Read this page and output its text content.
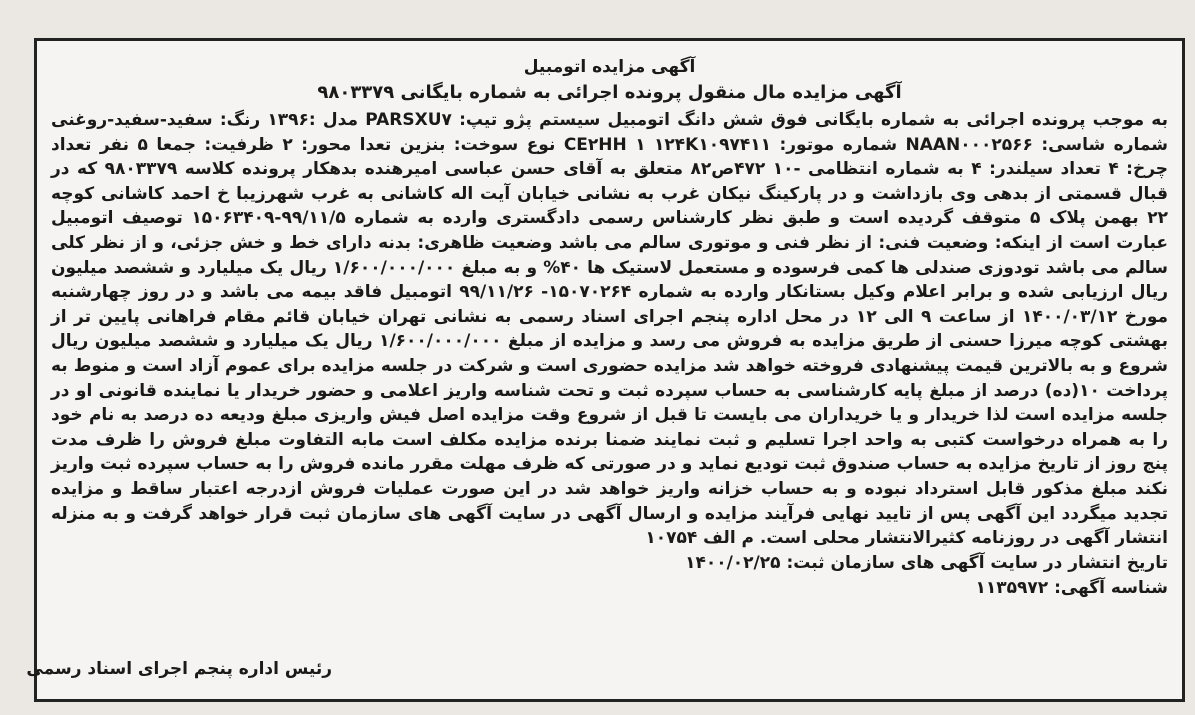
آگهی مزایده اتومبیل

آگهی مزایده مال منقول پرونده اجرائی به شماره بایگانی ۹۸۰۳۳۷۹

به موجب پرونده اجرائی به شماره بایگانی فوق شش دانگ اتومبیل سیستم پژو تیپ: PARSXU۷ مدل :۱۳۹۶ رنگ: سفید-سفید-روغنی شماره شاسی: NAAN۰۰۰۲۵۶۶ شماره موتور: CE۲HH ۱ ۱۲۴K۱۰۹۷۴۱۱ نوع سوخت: بنزین تعدا محور: ۲ ظرفیت: جمعا ۵ نفر تعداد چرخ: ۴ تعداد سیلندر: ۴ به شماره انتظامی -۱۰ ۴۷۲ص۸۲ متعلق به آقای حسن عباسی امیرهنده بدهکار پرونده کلاسه ۹۸۰۳۳۷۹ که در قبال قسمتی از بدهی وی بازداشت و در پارکینگ نیکان غرب به نشانی خیابان آیت اله کاشانی به غرب شهرزیبا خ احمد کاشانی کوچه ۲۲ بهمن پلاک ۵ متوقف گردیده است و طبق نظر کارشناس رسمی دادگستری وارده به شماره ۹۹/۱۱/۵-۱۵۰۶۳۴۰۹ توصیف اتومبیل عبارت است از اینکه: وضعیت فنی: از نظر فنی و موتوری سالم می باشد وضعیت ظاهری: بدنه دارای خط و خش جزئی، و از نظر کلی سالم می باشد تودوزی صندلی ها کمی فرسوده و مستعمل لاستیک ها ۴۰% و به مبلغ ۱/۶۰۰/۰۰۰/۰۰۰ ریال یک میلیارد و ششصد میلیون ریال ارزیابی شده و برابر اعلام وکیل بستانکار وارده به شماره ۱۵۰۷۰۲۶۴- ۹۹/۱۱/۲۶ اتومبیل فاقد بیمه می باشد و در روز چهارشنبه مورخ ۱۴۰۰/۰۳/۱۲ از ساعت ۹ الی ۱۲ در محل اداره پنجم اجرای اسناد رسمی به نشانی تهران خیابان قائم مقام فراهانی پایین تر از بهشتی کوچه میرزا حسنی از طریق مزایده به فروش می رسد و مزایده از مبلغ ۱/۶۰۰/۰۰۰/۰۰۰ ریال یک میلیارد و ششصد میلیون ریال شروع و به بالاترین قیمت پیشنهادی فروخته خواهد شد مزایده حضوری است و شرکت در جلسه مزایده برای عموم آزاد است و منوط به پرداخت ۱۰(ده) درصد از مبلغ پایه کارشناسی به حساب سپرده ثبت و تحت شناسه واریز اعلامی و حضور خریدار یا نماینده قانونی او در جلسه مزایده است لذا خریدار و یا خریداران می بایست تا قبل از شروع وقت مزایده اصل فیش واریزی مبلغ ودیعه ده درصد به نام خود را به همراه درخواست کتبی به واحد اجرا تسلیم و ثبت نمایند ضمنا برنده مزایده مکلف است مابه التفاوت مبلغ فروش را ظرف مدت پنج روز از تاریخ مزایده به حساب صندوق ثبت تودیع نماید و در صورتی که ظرف مهلت مقرر مانده فروش را به حساب سپرده ثبت واریز نکند مبلغ مذکور قابل استرداد نبوده و به حساب خزانه واریز خواهد شد در این صورت عملیات فروش ازدرجه اعتبار ساقط و مزایده تجدید میگردد این آگهی پس از تایید نهایی فرآیند مزایده و ارسال آگهی در سایت آگهی های سازمان ثبت قرار خواهد گرفت و به منزله انتشار آگهی در روزنامه کثیرالانتشار محلی است. م الف ۱۰۷۵۴

تاریخ انتشار در سایت آگهی های سازمان ثبت: ۱۴۰۰/۰۲/۲۵

شناسه آگهی: ۱۱۳۵۹۷۲

رئیس اداره پنجم اجرای اسناد رسمی
